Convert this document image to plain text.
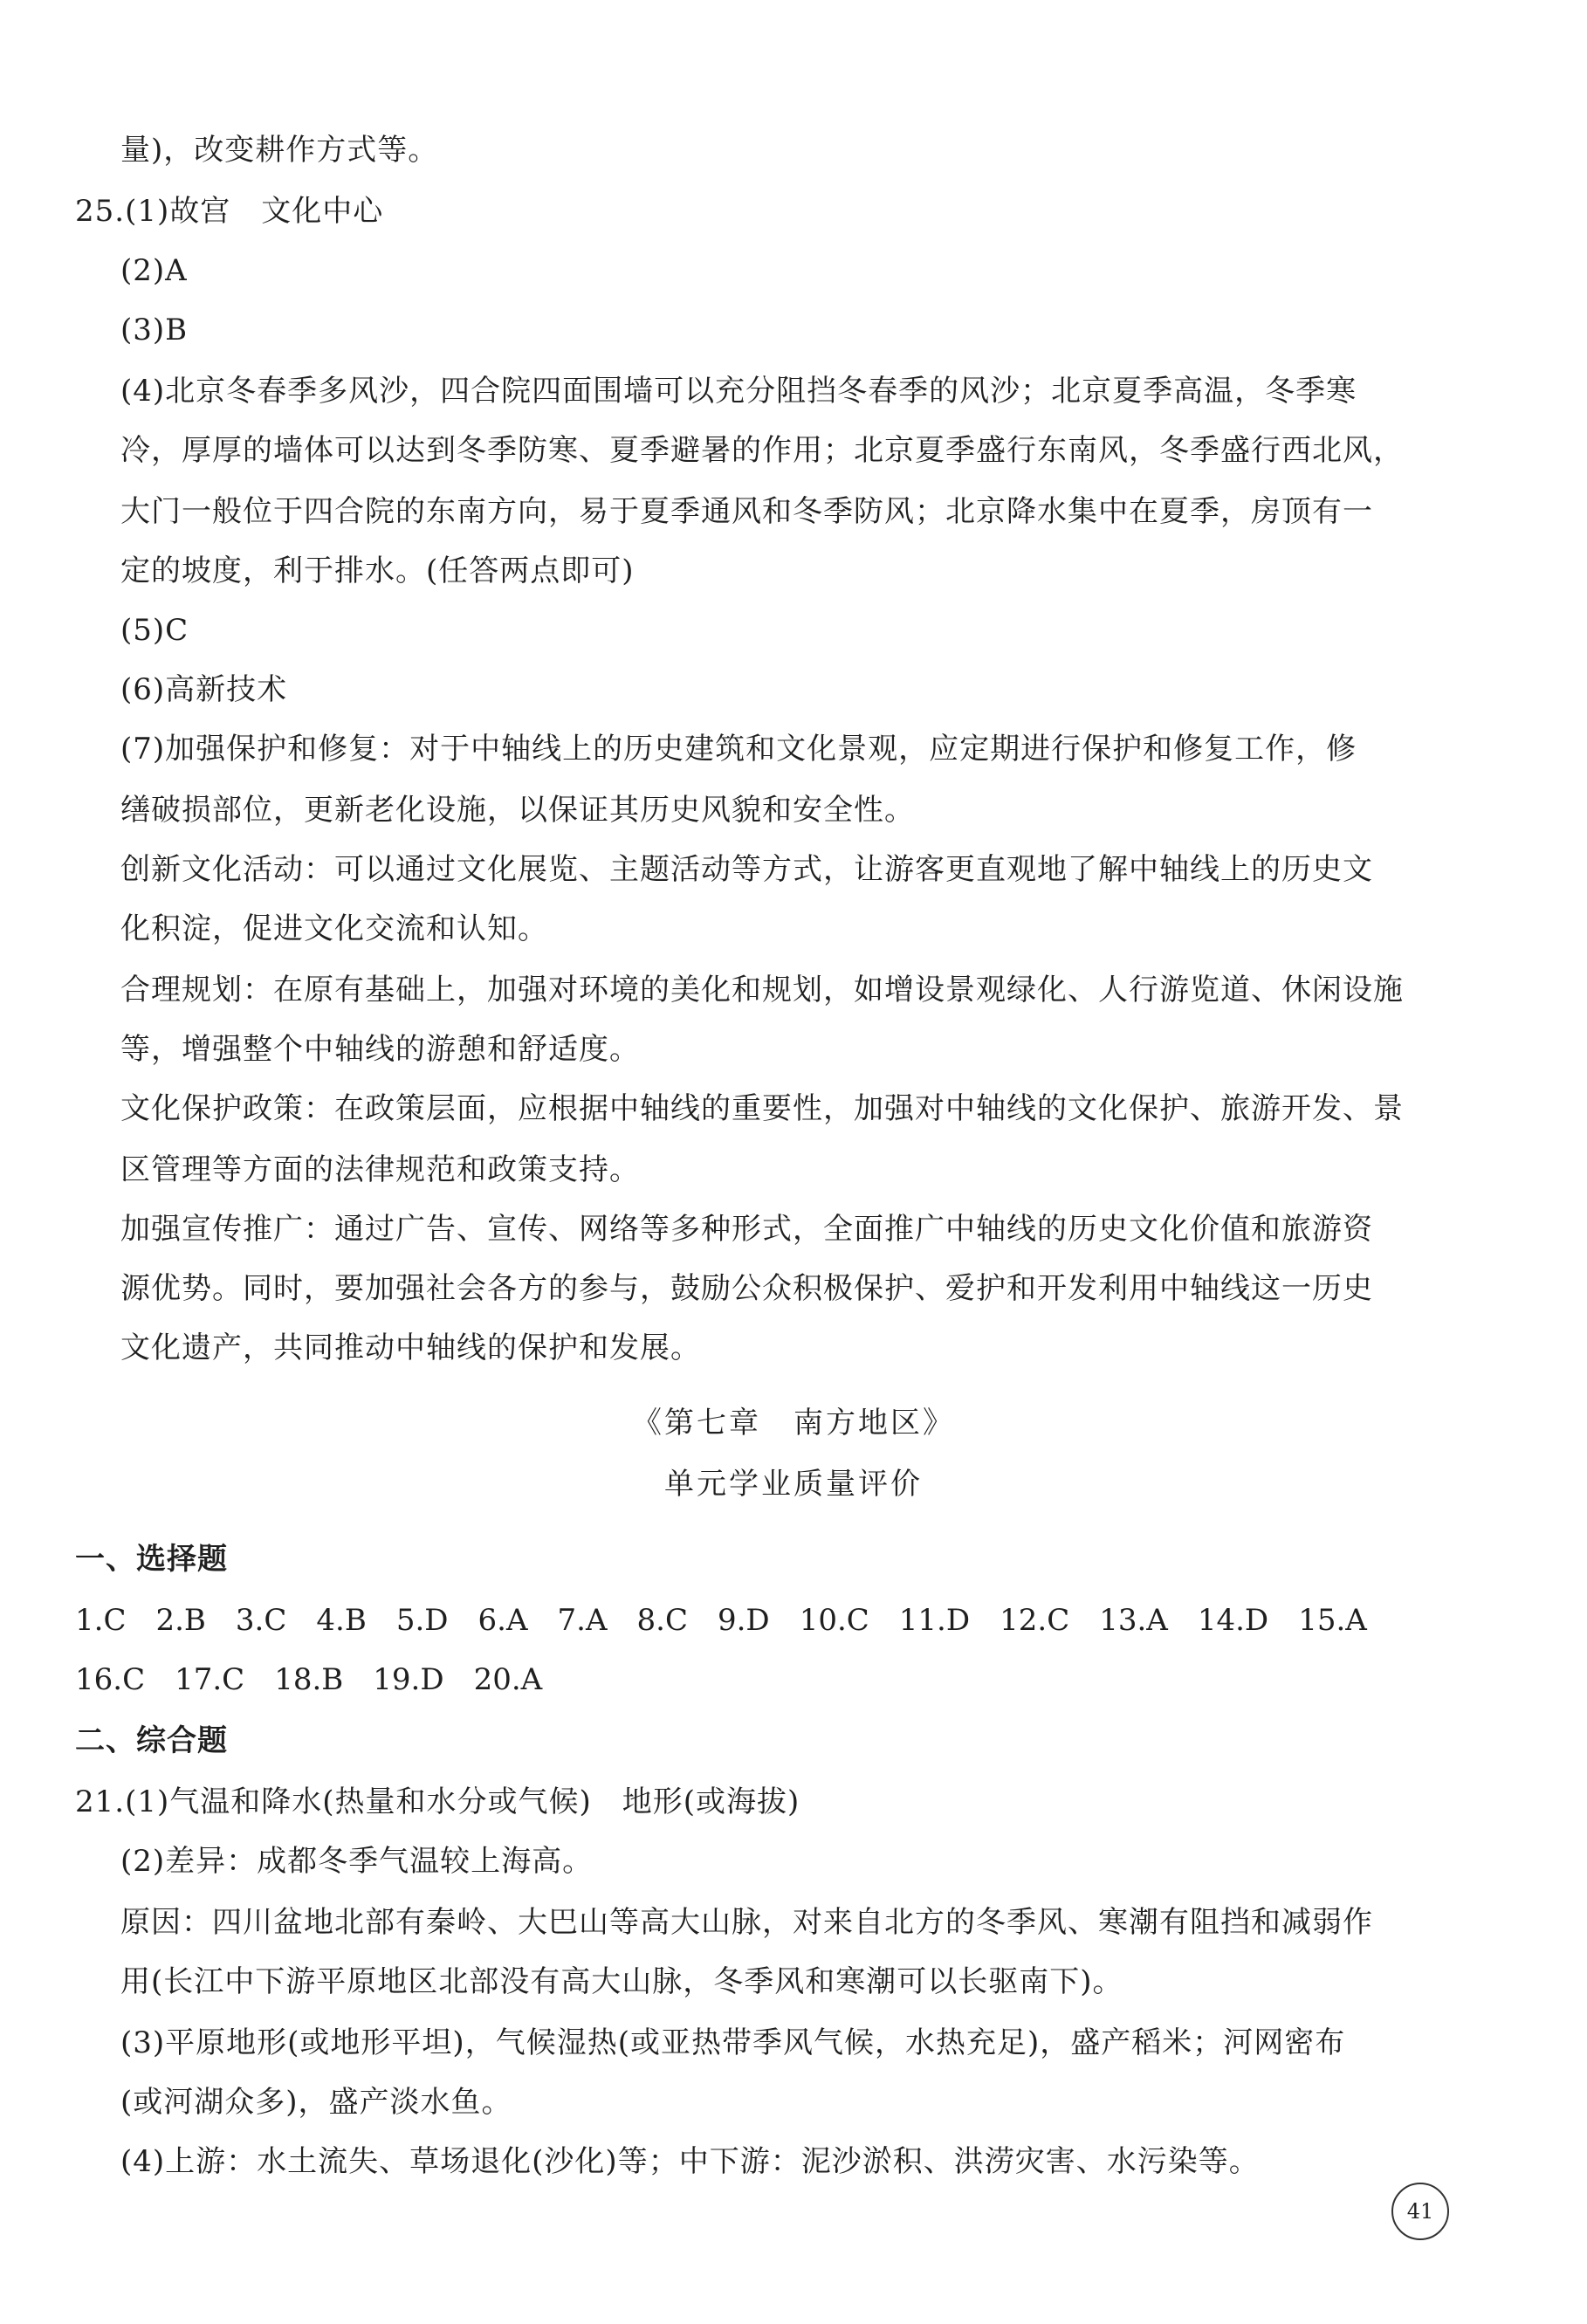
量)，改变耕作方式等。
25.(1)故宫　文化中心
(2)A
(3)B
(4)北京冬春季多风沙，四合院四面围墙可以充分阻挡冬春季的风沙；北京夏季高温，冬季寒
冷，厚厚的墙体可以达到冬季防寒、夏季避暑的作用；北京夏季盛行东南风，冬季盛行西北风，
大门一般位于四合院的东南方向，易于夏季通风和冬季防风；北京降水集中在夏季，房顶有一
定的坡度，利于排水。(任答两点即可)
(5)C
(6)高新技术
(7)加强保护和修复：对于中轴线上的历史建筑和文化景观，应定期进行保护和修复工作，修
缮破损部位，更新老化设施，以保证其历史风貌和安全性。
创新文化活动：可以通过文化展览、主题活动等方式，让游客更直观地了解中轴线上的历史文
化积淀，促进文化交流和认知。
合理规划：在原有基础上，加强对环境的美化和规划，如增设景观绿化、人行游览道、休闲设施
等，增强整个中轴线的游憩和舒适度。
文化保护政策：在政策层面，应根据中轴线的重要性，加强对中轴线的文化保护、旅游开发、景
区管理等方面的法律规范和政策支持。
加强宣传推广：通过广告、宣传、网络等多种形式，全面推广中轴线的历史文化价值和旅游资
源优势。同时，要加强社会各方的参与，鼓励公众积极保护、爱护和开发利用中轴线这一历史
文化遗产，共同推动中轴线的保护和发展。
《第七章　南方地区》
单元学业质量评价
一、选择题
1.C 2.B 3.C 4.B 5.D 6.A 7.A 8.C 9.D 10.C 11.D 12.C 13.A 14.D 15.A
16.C 17.C 18.B 19.D 20.A
二、综合题
21.(1)气温和降水(热量和水分或气候)　地形(或海拔)
(2)差异：成都冬季气温较上海高。
原因：四川盆地北部有秦岭、大巴山等高大山脉，对来自北方的冬季风、寒潮有阻挡和减弱作
用(长江中下游平原地区北部没有高大山脉，冬季风和寒潮可以长驱南下)。
(3)平原地形(或地形平坦)，气候湿热(或亚热带季风气候，水热充足)，盛产稻米；河网密布
(或河湖众多)，盛产淡水鱼。
(4)上游：水土流失、草场退化(沙化)等；中下游：泥沙淤积、洪涝灾害、水污染等。
41
